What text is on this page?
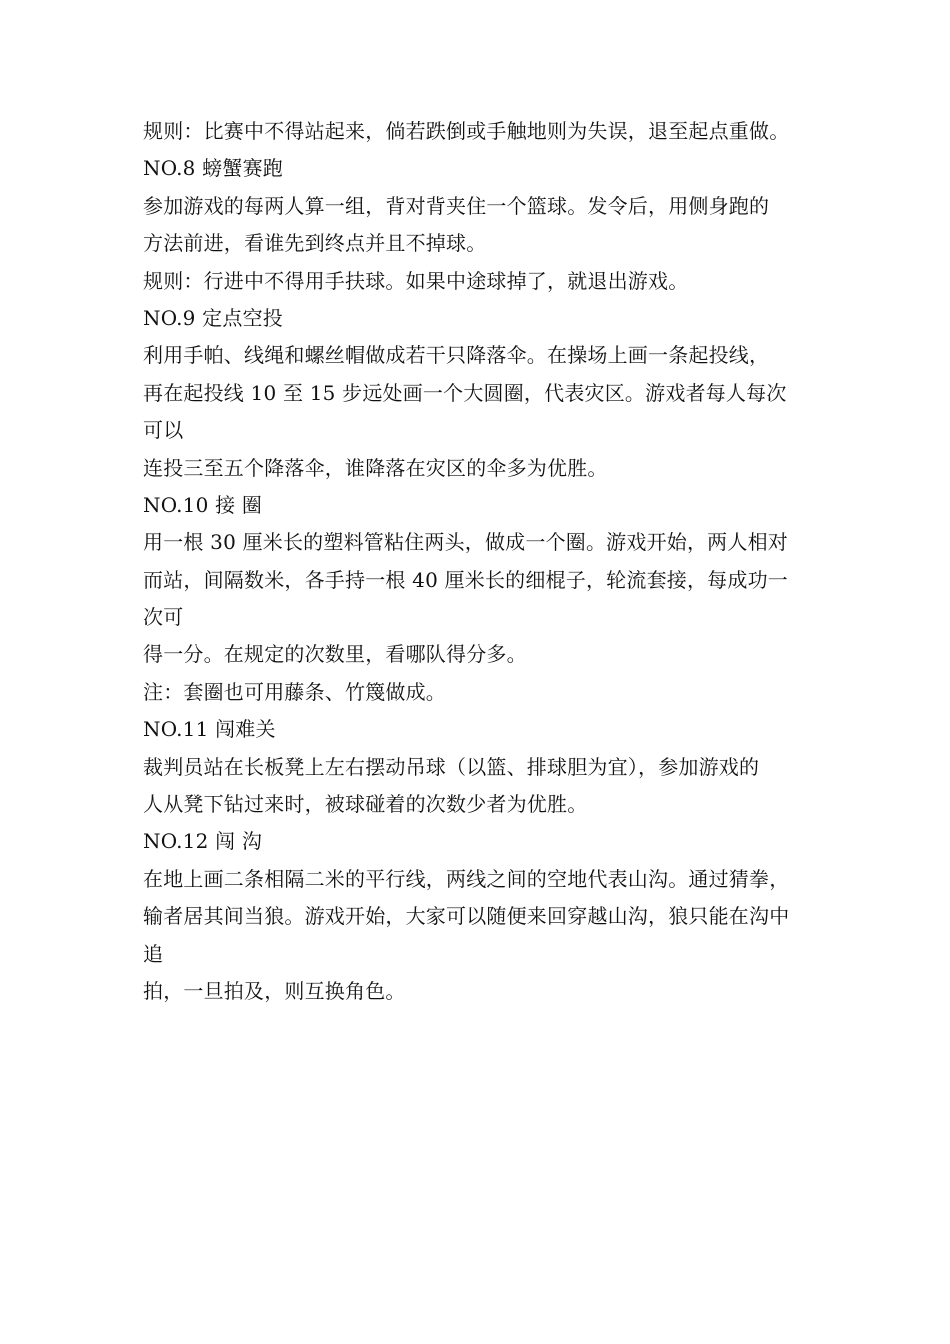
规则：比赛中不得站起来，倘若跌倒或手触地则为失误，退至起点重做。
NO.8 螃蟹赛跑
参加游戏的每两人算一组，背对背夹住一个篮球。发令后，用侧身跑的
方法前进，看谁先到终点并且不掉球。
规则：行进中不得用手扶球。如果中途球掉了，就退出游戏。
NO.9 定点空投
利用手帕、线绳和螺丝帽做成若干只降落伞。在操场上画一条起投线，
再在起投线 10 至 15 步远处画一个大圆圈，代表灾区。游戏者每人每次
可以
连投三至五个降落伞，谁降落在灾区的伞多为优胜。
NO.10 接 圈
用一根 30 厘米长的塑料管粘住两头，做成一个圈。游戏开始，两人相对
而站，间隔数米，各手持一根 40 厘米长的细棍子，轮流套接，每成功一
次可
得一分。在规定的次数里，看哪队得分多。
注：套圈也可用藤条、竹篾做成。
NO.11 闯难关
裁判员站在长板凳上左右摆动吊球（以篮、排球胆为宜），参加游戏的
人从凳下钻过来时，被球碰着的次数少者为优胜。
NO.12 闯 沟
在地上画二条相隔二米的平行线，两线之间的空地代表山沟。通过猜拳，
输者居其间当狼。游戏开始，大家可以随便来回穿越山沟，狼只能在沟中
追
拍，一旦拍及，则互换角色。
